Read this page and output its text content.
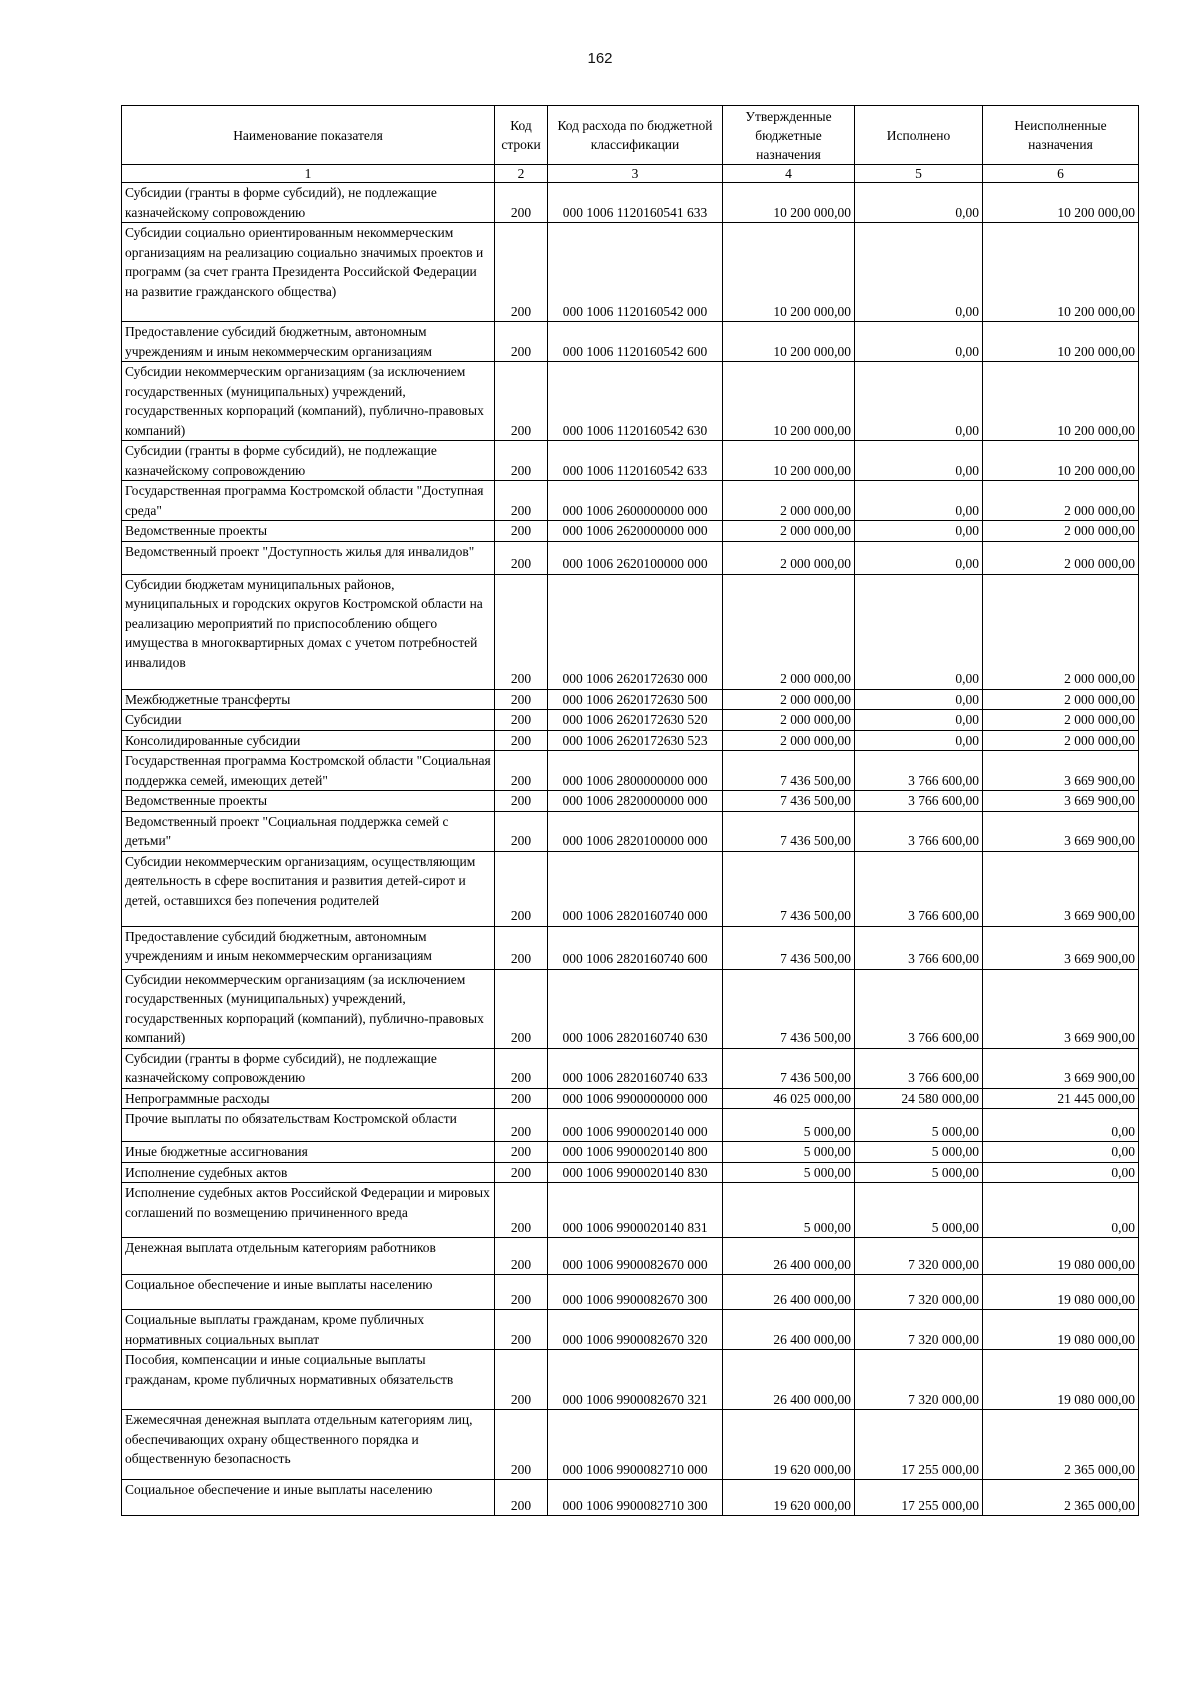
162
Наименование показателя	Код строки	Код расхода по бюджетной классификации	Утвержденные бюджетные назначения	Исполнено	Неисполненные назначения
1	2	3	4	5	6
Субсидии (гранты в форме субсидий), не подлежащие казначейскому сопровождению	200	000 1006 1120160541 633	10 200 000,00	0,00	10 200 000,00
Субсидии социально ориентированным некоммерческим организациям на реализацию социально значимых проектов и программ (за счет гранта Президента Российской Федерации на развитие гражданского общества)	200	000 1006 1120160542 000	10 200 000,00	0,00	10 200 000,00
Предоставление субсидий бюджетным, автономным учреждениям и иным некоммерческим организациям	200	000 1006 1120160542 600	10 200 000,00	0,00	10 200 000,00
Субсидии некоммерческим организациям (за исключением государственных (муниципальных) учреждений, государственных корпораций (компаний), публично-правовых компаний)	200	000 1006 1120160542 630	10 200 000,00	0,00	10 200 000,00
Субсидии (гранты в форме субсидий), не подлежащие казначейскому сопровождению	200	000 1006 1120160542 633	10 200 000,00	0,00	10 200 000,00
Государственная программа Костромской области "Доступная среда"	200	000 1006 2600000000 000	2 000 000,00	0,00	2 000 000,00
Ведомственные проекты	200	000 1006 2620000000 000	2 000 000,00	0,00	2 000 000,00
Ведомственный проект "Доступность жилья для инвалидов"	200	000 1006 2620100000 000	2 000 000,00	0,00	2 000 000,00
Субсидии бюджетам муниципальных районов, муниципальных и городских округов Костромской области на реализацию мероприятий по приспособлению общего имущества в многоквартирных домах с учетом потребностей инвалидов	200	000 1006 2620172630 000	2 000 000,00	0,00	2 000 000,00
Межбюджетные трансферты	200	000 1006 2620172630 500	2 000 000,00	0,00	2 000 000,00
Субсидии	200	000 1006 2620172630 520	2 000 000,00	0,00	2 000 000,00
Консолидированные субсидии	200	000 1006 2620172630 523	2 000 000,00	0,00	2 000 000,00
Государственная программа Костромской области "Социальная поддержка семей, имеющих детей"	200	000 1006 2800000000 000	7 436 500,00	3 766 600,00	3 669 900,00
Ведомственные проекты	200	000 1006 2820000000 000	7 436 500,00	3 766 600,00	3 669 900,00
Ведомственный проект "Социальная поддержка семей с детьми"	200	000 1006 2820100000 000	7 436 500,00	3 766 600,00	3 669 900,00
Субсидии некоммерческим организациям, осуществляющим деятельность в сфере воспитания и развития детей-сирот и детей, оставшихся без попечения родителей	200	000 1006 2820160740 000	7 436 500,00	3 766 600,00	3 669 900,00
Предоставление субсидий бюджетным, автономным учреждениям и иным некоммерческим организациям	200	000 1006 2820160740 600	7 436 500,00	3 766 600,00	3 669 900,00
Субсидии некоммерческим организациям (за исключением государственных (муниципальных) учреждений, государственных корпораций (компаний), публично-правовых компаний)	200	000 1006 2820160740 630	7 436 500,00	3 766 600,00	3 669 900,00
Субсидии (гранты в форме субсидий), не подлежащие казначейскому сопровождению	200	000 1006 2820160740 633	7 436 500,00	3 766 600,00	3 669 900,00
Непрограммные расходы	200	000 1006 9900000000 000	46 025 000,00	24 580 000,00	21 445 000,00
Прочие выплаты по обязательствам Костромской области	200	000 1006 9900020140 000	5 000,00	5 000,00	0,00
Иные бюджетные ассигнования	200	000 1006 9900020140 800	5 000,00	5 000,00	0,00
Исполнение судебных актов	200	000 1006 9900020140 830	5 000,00	5 000,00	0,00
Исполнение судебных актов Российской Федерации и мировых соглашений по возмещению причиненного вреда	200	000 1006 9900020140 831	5 000,00	5 000,00	0,00
Денежная выплата отдельным категориям работников	200	000 1006 9900082670 000	26 400 000,00	7 320 000,00	19 080 000,00
Социальное обеспечение и иные выплаты населению	200	000 1006 9900082670 300	26 400 000,00	7 320 000,00	19 080 000,00
Социальные выплаты гражданам, кроме публичных нормативных социальных выплат	200	000 1006 9900082670 320	26 400 000,00	7 320 000,00	19 080 000,00
Пособия, компенсации и иные социальные выплаты гражданам, кроме публичных нормативных обязательств	200	000 1006 9900082670 321	26 400 000,00	7 320 000,00	19 080 000,00
Ежемесячная денежная выплата отдельным категориям лиц, обеспечивающих охрану общественного порядка и общественную безопасность	200	000 1006 9900082710 000	19 620 000,00	17 255 000,00	2 365 000,00
Социальное обеспечение и иные выплаты населению	200	000 1006 9900082710 300	19 620 000,00	17 255 000,00	2 365 000,00
